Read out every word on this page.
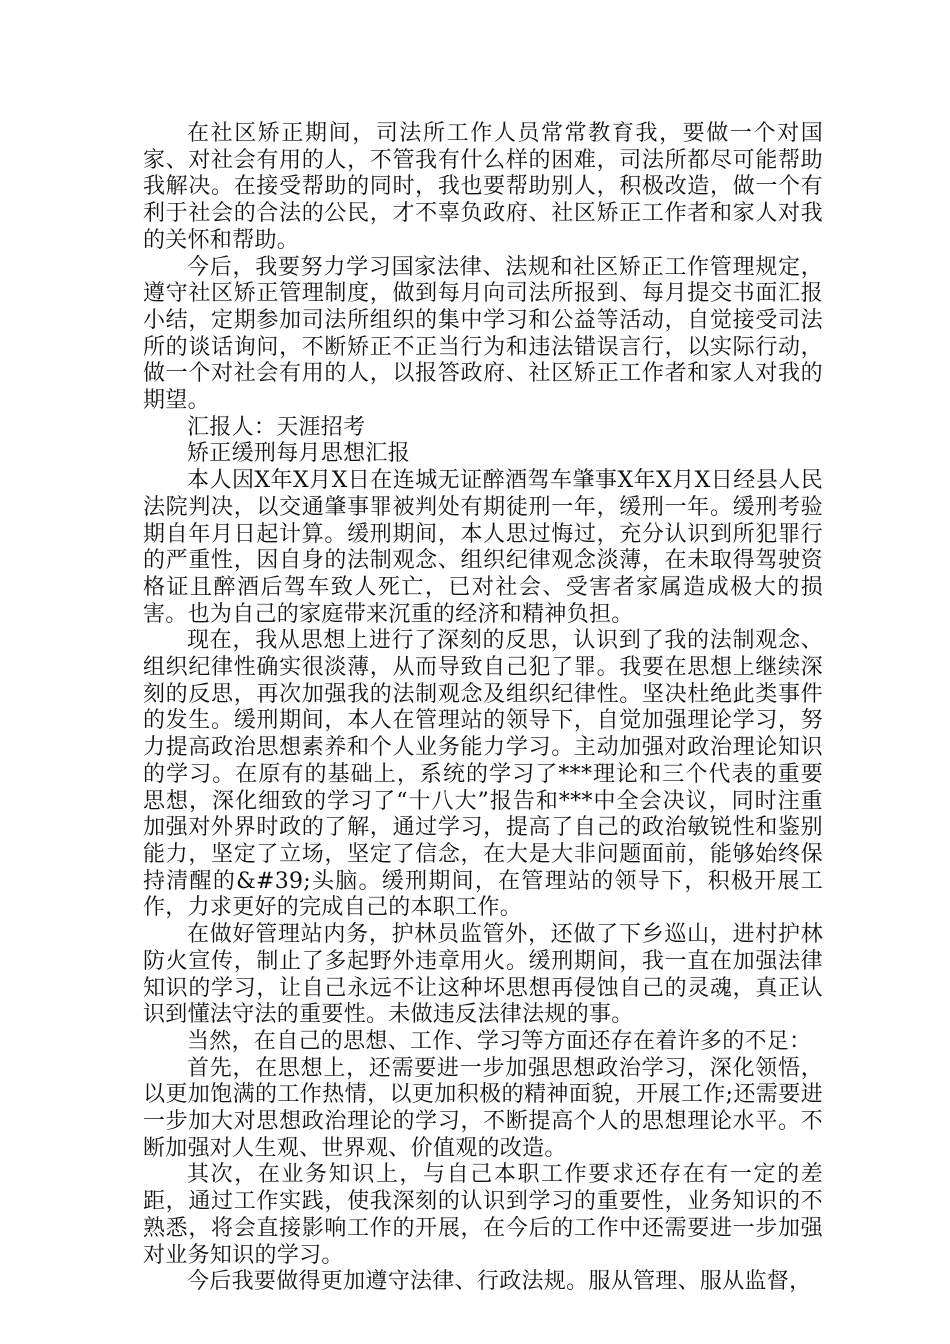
在社区矫正期间，司法所工作人员常常教育我，要做一个对国家、对社会有用的人，不管我有什么样的困难，司法所都尽可能帮助我解决。在接受帮助的同时，我也要帮助别人，积极改造，做一个有利于社会的合法的公民，才不辜负政府、社区矫正工作者和家人对我的关怀和帮助。

今后，我要努力学习国家法律、法规和社区矫正工作管理规定，遵守社区矫正管理制度，做到每月向司法所报到、每月提交书面汇报小结，定期参加司法所组织的集中学习和公益等活动，自觉接受司法所的谈话询问，不断矫正不正当行为和违法错误言行，以实际行动，做一个对社会有用的人，以报答政府、社区矫正工作者和家人对我的期望。

汇报人：天涯招考

矫正缓刑每月思想汇报

本人因X年X月X日在连城无证醉酒驾车肇事X年X月X日经县人民法院判决，以交通肇事罪被判处有期徒刑一年，缓刑一年。缓刑考验期自年月日起计算。缓刑期间，本人思过悔过，充分认识到所犯罪行的严重性，因自身的法制观念、组织纪律观念淡薄，在未取得驾驶资格证且醉酒后驾车致人死亡，已对社会、受害者家属造成极大的损害。也为自己的家庭带来沉重的经济和精神负担。

现在，我从思想上进行了深刻的反思，认识到了我的法制观念、组织纪律性确实很淡薄，从而导致自己犯了罪。我要在思想上继续深刻的反思，再次加强我的法制观念及组织纪律性。坚决杜绝此类事件的发生。缓刑期间，本人在管理站的领导下，自觉加强理论学习，努力提高政治思想素养和个人业务能力学习。主动加强对政治理论知识的学习。在原有的基础上，系统的学习了***理论和三个代表的重要思想，深化细致的学习了“十八大”报告和***中全会决议，同时注重加强对外界时政的了解，通过学习，提高了自己的政治敏锐性和鉴别能力，坚定了立场，坚定了信念，在大是大非问题面前，能够始终保持清醒的&#39;头脑。缓刑期间，在管理站的领导下，积极开展工作，力求更好的完成自己的本职工作。

在做好管理站内务，护林员监管外，还做了下乡巡山，进村护林防火宣传，制止了多起野外违章用火。缓刑期间，我一直在加强法律知识的学习，让自己永远不让这种坏思想再侵蚀自己的灵魂，真正认识到懂法守法的重要性。未做违反法律法规的事。

当然，在自己的思想、工作、学习等方面还存在着许多的不足：

首先，在思想上，还需要进一步加强思想政治学习，深化领悟，以更加饱满的工作热情，以更加积极的精神面貌，开展工作;还需要进一步加大对思想政治理论的学习，不断提高个人的思想理论水平。不断加强对人生观、世界观、价值观的改造。

其次，在业务知识上，与自己本职工作要求还存在有一定的差距，通过工作实践，使我深刻的认识到学习的重要性，业务知识的不熟悉，将会直接影响工作的开展，在今后的工作中还需要进一步加强对业务知识的学习。

今后我要做得更加遵守法律、行政法规。服从管理、服从监督，
